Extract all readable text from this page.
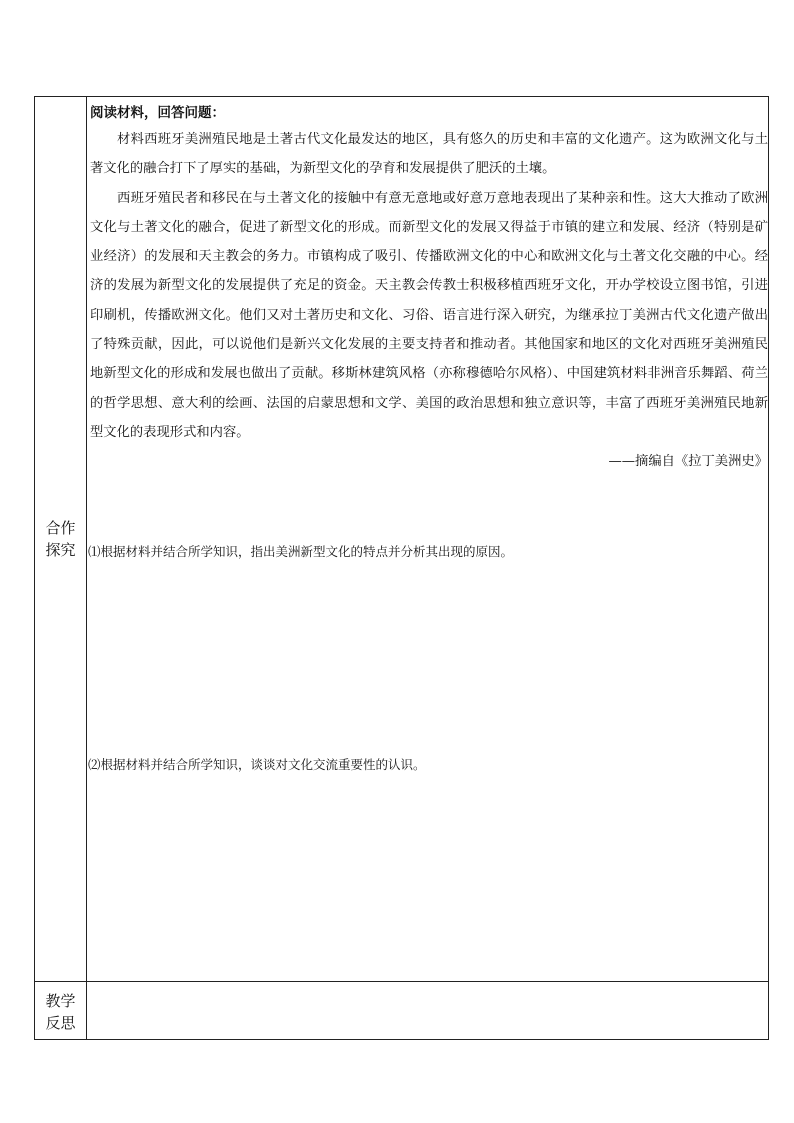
合作
探究
阅读材料，回答问题：

材料西班牙美洲殖民地是土著古代文化最发达的地区，具有悠久的历史和丰富的文化遗产。这为欧洲文化与土著文化的融合打下了厚实的基础，为新型文化的孕育和发展提供了肥沃的土壤。

西班牙殖民者和移民在与土著文化的接触中有意无意地或好意万意地表现出了某种亲和性。这大大推动了欧洲文化与土著文化的融合，促进了新型文化的形成。而新型文化的发展又得益于市镇的建立和发展、经济（特别是矿业经济）的发展和天主教会的务力。市镇构成了吸引、传播欧洲文化的中心和欧洲文化与土著文化交融的中心。经济的发展为新型文化的发展提供了充足的资金。天主教会传教士积极移植西班牙文化，开办学校设立图书馆，引进印刷机，传播欧洲文化。他们又对土著历史和文化、习俗、语言进行深入研究，为继承拉丁美洲古代文化遗产做出了特殊贡献，因此，可以说他们是新兴文化发展的主要支持者和推动者。其他国家和地区的文化对西班牙美洲殖民地新型文化的形成和发展也做出了贡献。移斯林建筑风格（亦称穆德哈尔风格）、中国建筑材料非洲音乐舞蹈、荷兰的哲学思想、意大利的绘画、法国的启蒙思想和文学、美国的政治思想和独立意识等，丰富了西班牙美洲殖民地新型文化的表现形式和内容。

——摘编自《拉丁美洲史》

⑴根据材料并结合所学知识，指出美洲新型文化的特点并分析其出现的原因。
⑵根据材料并结合所学知识，谈谈对文化交流重要性的认识。
教学
反思
